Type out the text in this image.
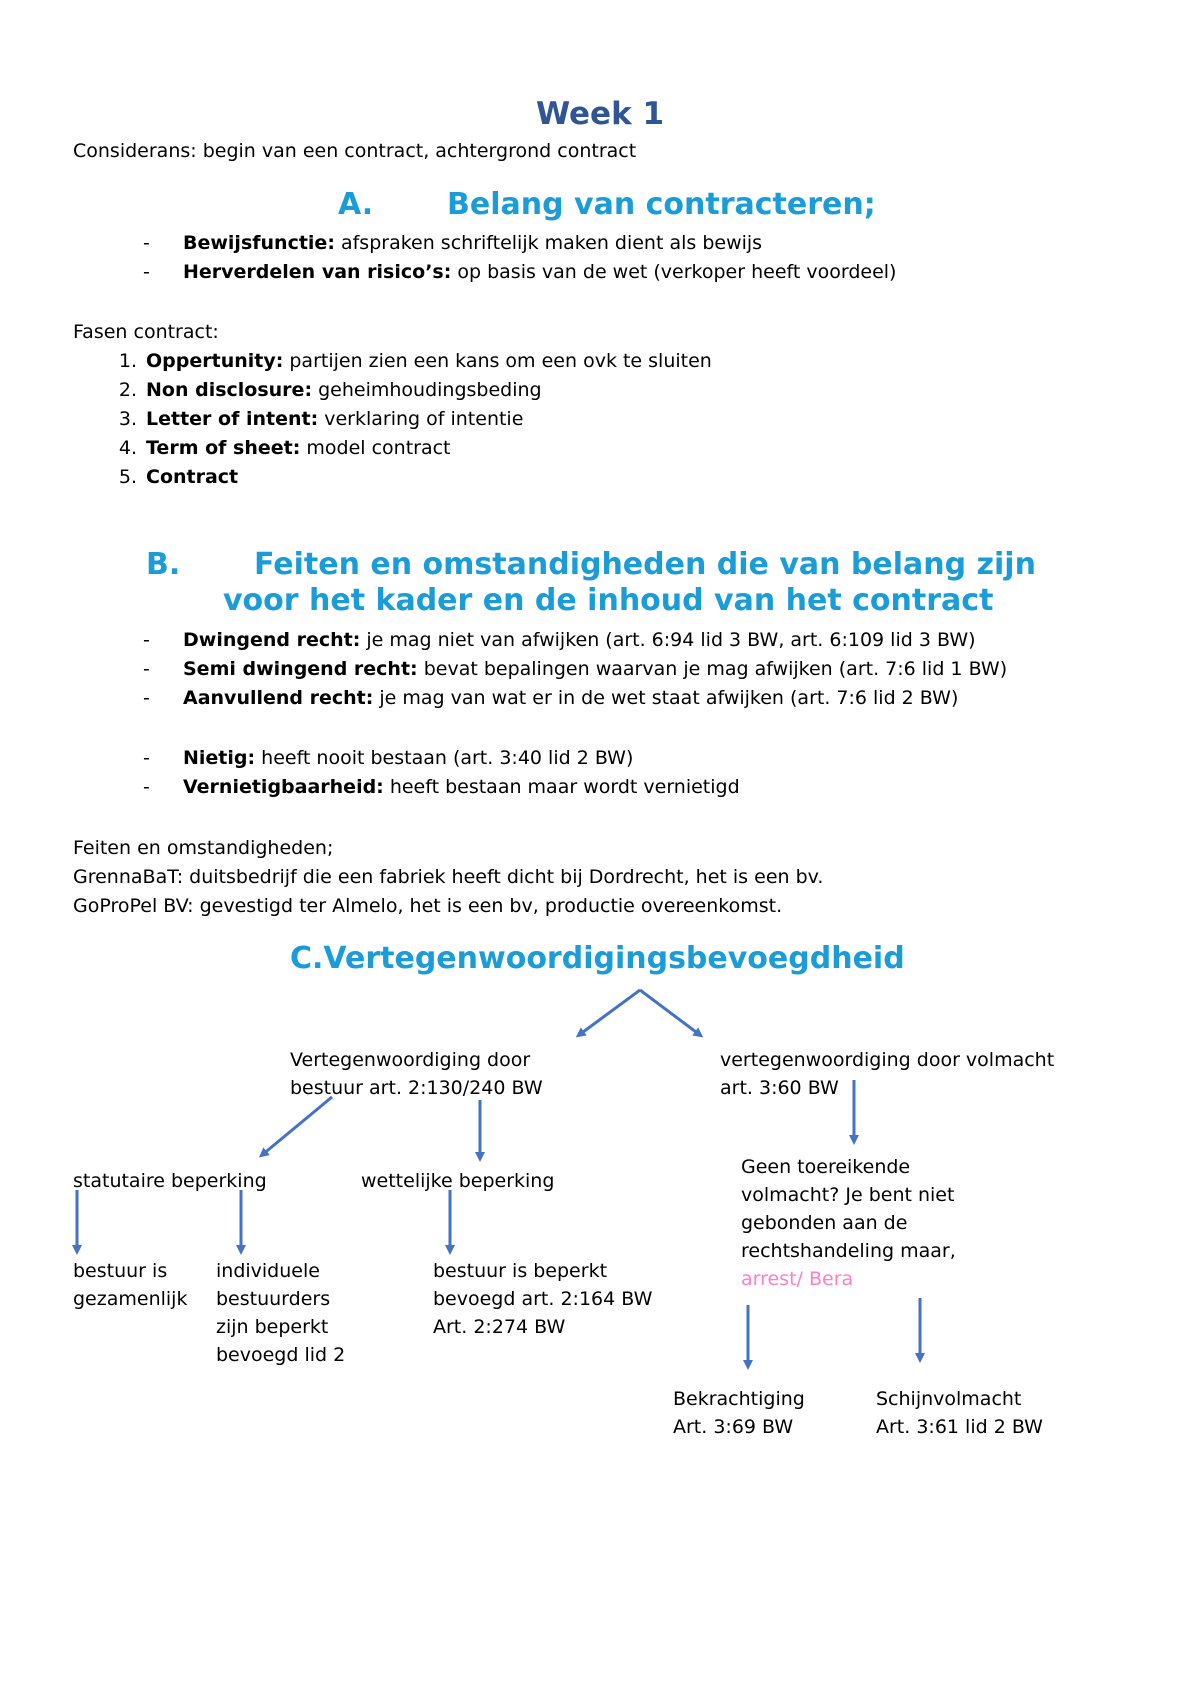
Week 1
Considerans: begin van een contract, achtergrond contract
A. Belang van contracteren;
- Bewijsfunctie: afspraken schriftelijk maken dient als bewijs
- Herverdelen van risico’s: op basis van de wet (verkoper heeft voordeel)
Fasen contract:
1. Oppertunity: partijen zien een kans om een ovk te sluiten
2. Non disclosure: geheimhoudingsbeding
3. Letter of intent: verklaring of intentie
4. Term of sheet: model contract
5. Contract
B. Feiten en omstandigheden die van belang zijn
voor het kader en de inhoud van het contract
- Dwingend recht: je mag niet van afwijken (art. 6:94 lid 3 BW, art. 6:109 lid 3 BW)
- Semi dwingend recht: bevat bepalingen waarvan je mag afwijken (art. 7:6 lid 1 BW)
- Aanvullend recht: je mag van wat er in de wet staat afwijken (art. 7:6 lid 2 BW)
- Nietig: heeft nooit bestaan (art. 3:40 lid 2 BW)
- Vernietigbaarheid: heeft bestaan maar wordt vernietigd
Feiten en omstandigheden;
GrennaBaT: duitsbedrijf die een fabriek heeft dicht bij Dordrecht, het is een bv.
GoProPel BV: gevestigd ter Almelo, het is een bv, productie overeenkomst.
C.Vertegenwoordigingsbevoegdheid
Vertegenwoordiging door
bestuur art. 2:130/240 BW
vertegenwoordiging door volmacht
art. 3:60 BW
statutaire beperking	wettelijke beperking
Geen toereikende
volmacht? Je bent niet
gebonden aan de
rechtshandeling maar,
arrest/ Bera
bestuur is
gezamenlijk
individuele
bestuurders
zijn beperkt
bevoegd lid 2
bestuur is beperkt
bevoegd art. 2:164 BW
Art. 2:274 BW
Bekrachtiging
Art. 3:69 BW
Schijnvolmacht
Art. 3:61 lid 2 BW
